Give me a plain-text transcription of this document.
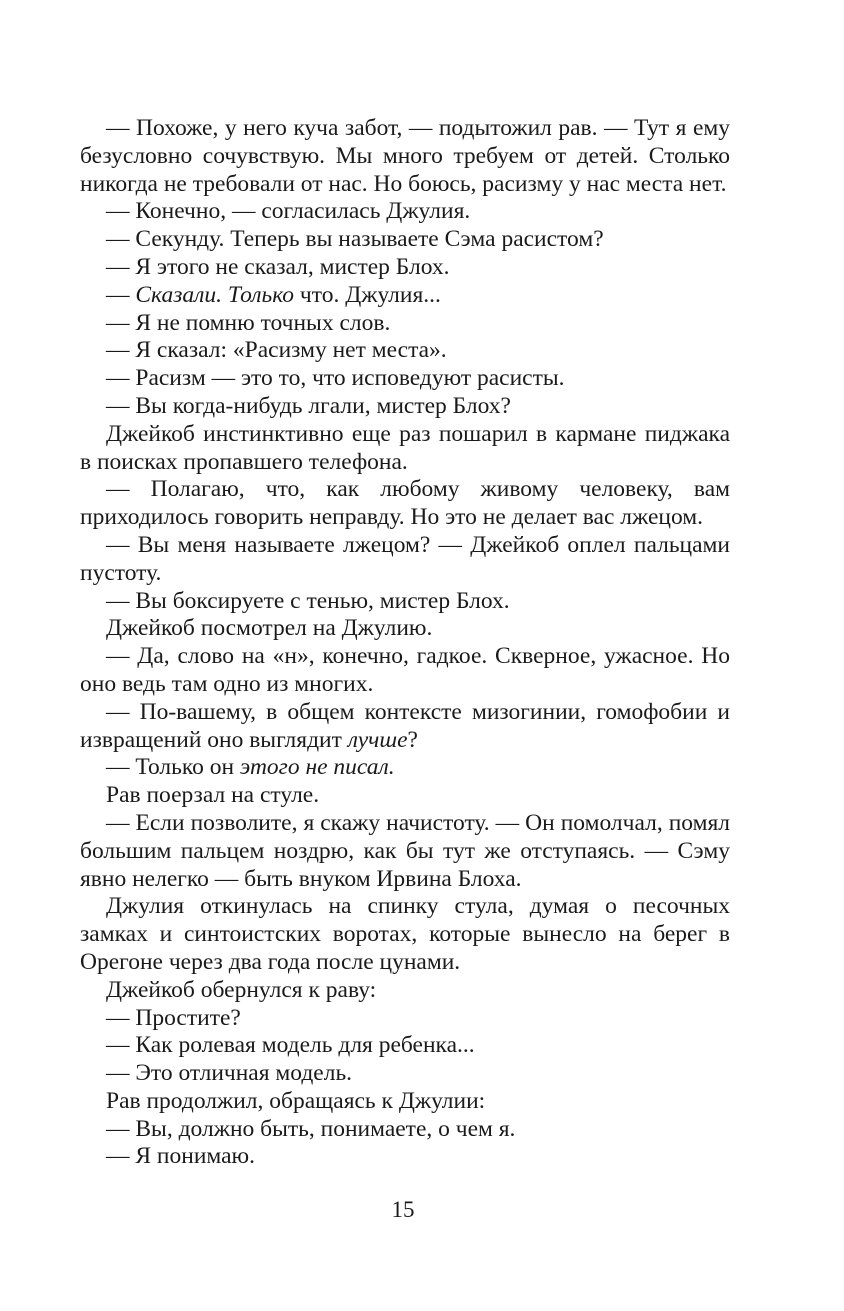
— Похоже, у него куча забот, — подытожил рав. — Тут я ему безусловно сочувствую. Мы много требуем от детей. Столько никогда не требовали от нас. Но боюсь, расизму у нас места нет.

— Конечно, — согласилась Джулия.

— Секунду. Теперь вы называете Сэма расистом?

— Я этого не сказал, мистер Блох.

— Сказали. Только что. Джулия...

— Я не помню точных слов.

— Я сказал: «Расизму нет места».

— Расизм — это то, что исповедуют расисты.

— Вы когда-нибудь лгали, мистер Блох?

Джейкоб инстинктивно еще раз пошарил в кармане пиджака в поисках пропавшего телефона.

— Полагаю, что, как любому живому человеку, вам приходилось говорить неправду. Но это не делает вас лжецом.

— Вы меня называете лжецом? — Джейкоб оплел пальцами пустоту.

— Вы боксируете с тенью, мистер Блох.

Джейкоб посмотрел на Джулию.

— Да, слово на «н», конечно, гадкое. Скверное, ужасное. Но оно ведь там одно из многих.

— По-вашему, в общем контексте мизогинии, гомофобии и извращений оно выглядит лучше?

— Только он этого не писал.

Рав поерзал на стуле.

— Если позволите, я скажу начистоту. — Он помолчал, помял большим пальцем ноздрю, как бы тут же отступаясь. — Сэму явно нелегко — быть внуком Ирвина Блоха.

Джулия откинулась на спинку стула, думая о песочных замках и синтоистских воротах, которые вынесло на берег в Орегоне через два года после цунами.

Джейкоб обернулся к раву:

— Простите?

— Как ролевая модель для ребенка...

— Это отличная модель.

Рав продолжил, обращаясь к Джулии:

— Вы, должно быть, понимаете, о чем я.

— Я понимаю.

15
